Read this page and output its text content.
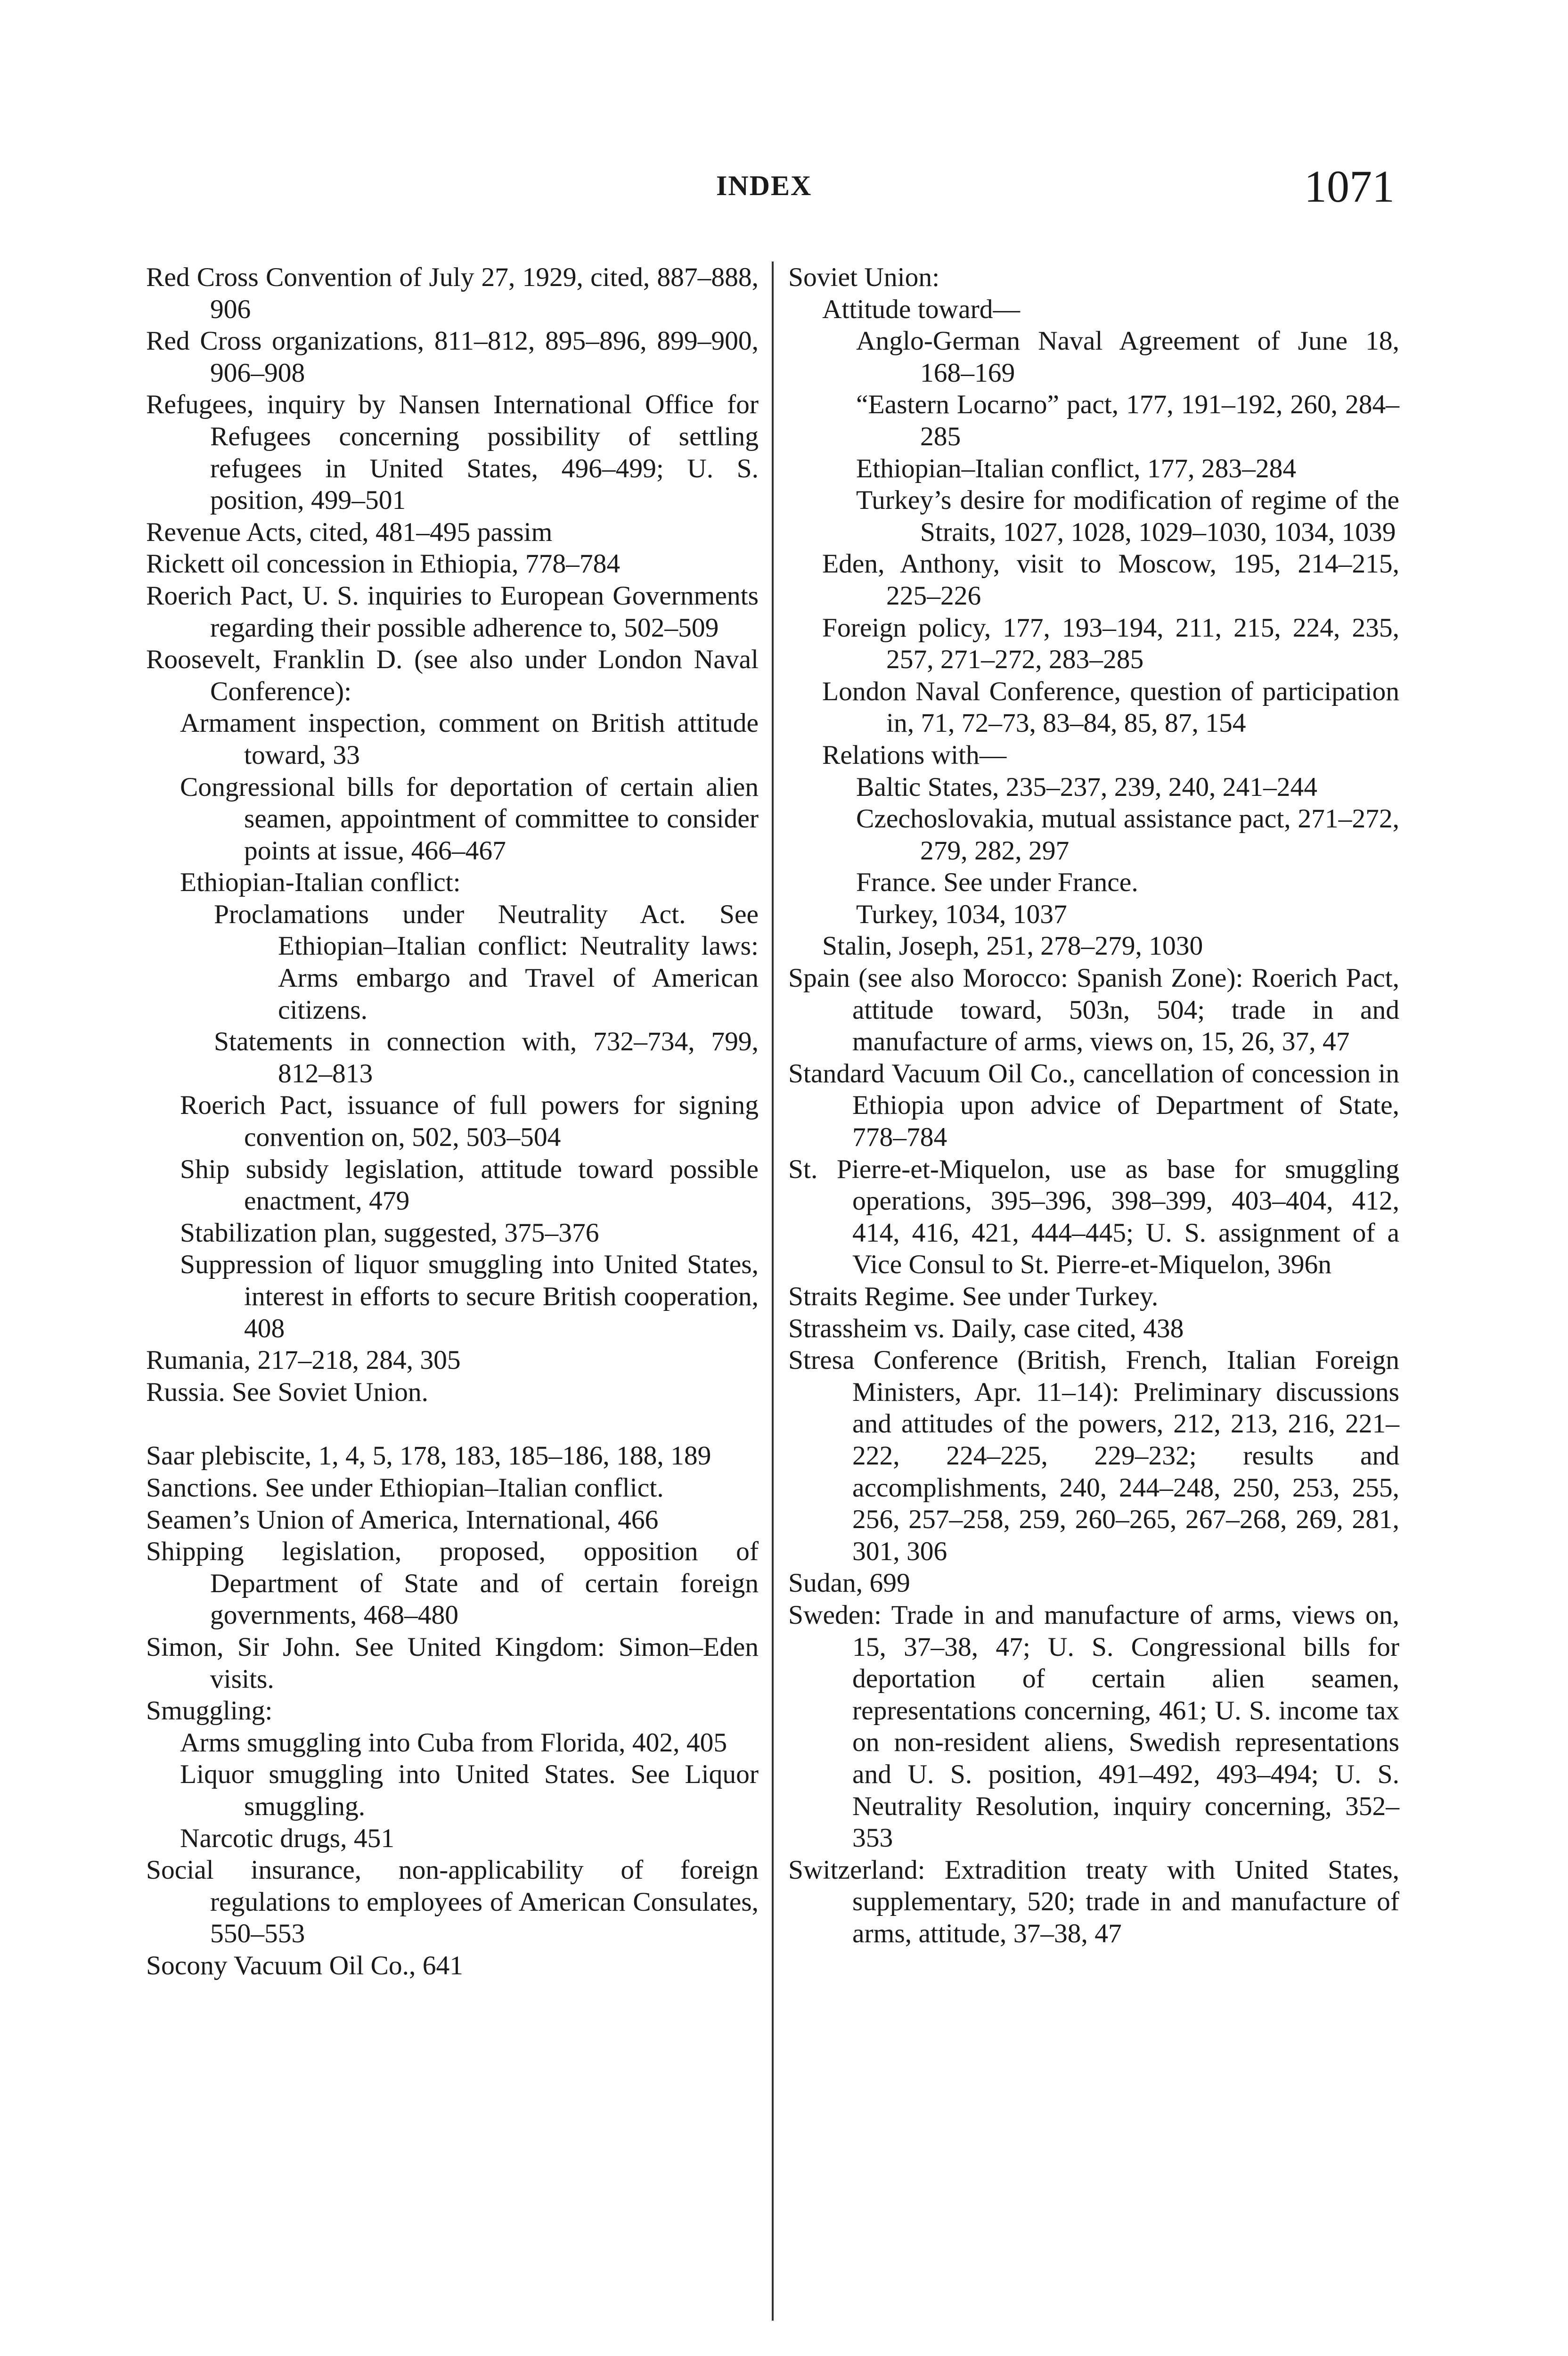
INDEX	1071
Red Cross Convention of July 27, 1929, cited, 887–888, 906
Red Cross organizations, 811–812, 895–896, 899–900, 906–908
Refugees, inquiry by Nansen International Office for Refugees concerning possibility of settling refugees in United States, 496–499; U. S. position, 499–501
Revenue Acts, cited, 481–495 passim
Rickett oil concession in Ethiopia, 778–784
Roerich Pact, U. S. inquiries to European Governments regarding their possible adherence to, 502–509
Roosevelt, Franklin D. (see also under London Naval Conference):
Armament inspection, comment on British attitude toward, 33
Congressional bills for deportation of certain alien seamen, appointment of committee to consider points at issue, 466–467
Ethiopian-Italian conflict:
Proclamations under Neutrality Act. See Ethiopian–Italian conflict: Neutrality laws: Arms embargo and Travel of American citizens.
Statements in connection with, 732–734, 799, 812–813
Roerich Pact, issuance of full powers for signing convention on, 502, 503–504
Ship subsidy legislation, attitude toward possible enactment, 479
Stabilization plan, suggested, 375–376
Suppression of liquor smuggling into United States, interest in efforts to secure British cooperation, 408
Rumania, 217–218, 284, 305
Russia. See Soviet Union.
Saar plebiscite, 1, 4, 5, 178, 183, 185–186, 188, 189
Sanctions. See under Ethiopian–Italian conflict.
Seamen’s Union of America, International, 466
Shipping legislation, proposed, opposition of Department of State and of certain foreign governments, 468–480
Simon, Sir John. See United Kingdom: Simon–Eden visits.
Smuggling:
Arms smuggling into Cuba from Florida, 402, 405
Liquor smuggling into United States. See Liquor smuggling.
Narcotic drugs, 451
Social insurance, non-applicability of foreign regulations to employees of American Consulates, 550–553
Socony Vacuum Oil Co., 641
Soviet Union:
Attitude toward—
Anglo-German Naval Agreement of June 18, 168–169
“Eastern Locarno” pact, 177, 191–192, 260, 284–285
Ethiopian–Italian conflict, 177, 283–284
Turkey’s desire for modification of regime of the Straits, 1027, 1028, 1029–1030, 1034, 1039
Eden, Anthony, visit to Moscow, 195, 214–215, 225–226
Foreign policy, 177, 193–194, 211, 215, 224, 235, 257, 271–272, 283–285
London Naval Conference, question of participation in, 71, 72–73, 83–84, 85, 87, 154
Relations with—
Baltic States, 235–237, 239, 240, 241–244
Czechoslovakia, mutual assistance pact, 271–272, 279, 282, 297
France. See under France.
Turkey, 1034, 1037
Stalin, Joseph, 251, 278–279, 1030
Spain (see also Morocco: Spanish Zone): Roerich Pact, attitude toward, 503n, 504; trade in and manufacture of arms, views on, 15, 26, 37, 47
Standard Vacuum Oil Co., cancellation of concession in Ethiopia upon advice of Department of State, 778–784
St. Pierre-et-Miquelon, use as base for smuggling operations, 395–396, 398–399, 403–404, 412, 414, 416, 421, 444–445; U. S. assignment of a Vice Consul to St. Pierre-et-Miquelon, 396n
Straits Regime. See under Turkey.
Strassheim vs. Daily, case cited, 438
Stresa Conference (British, French, Italian Foreign Ministers, Apr. 11–14): Preliminary discussions and attitudes of the powers, 212, 213, 216, 221–222, 224–225, 229–232; results and accomplishments, 240, 244–248, 250, 253, 255, 256, 257–258, 259, 260–265, 267–268, 269, 281, 301, 306
Sudan, 699
Sweden: Trade in and manufacture of arms, views on, 15, 37–38, 47; U. S. Congressional bills for deportation of certain alien seamen, representations concerning, 461; U. S. income tax on non-resident aliens, Swedish representations and U. S. position, 491–492, 493–494; U. S. Neutrality Resolution, inquiry concerning, 352–353
Switzerland: Extradition treaty with United States, supplementary, 520; trade in and manufacture of arms, attitude, 37–38, 47
